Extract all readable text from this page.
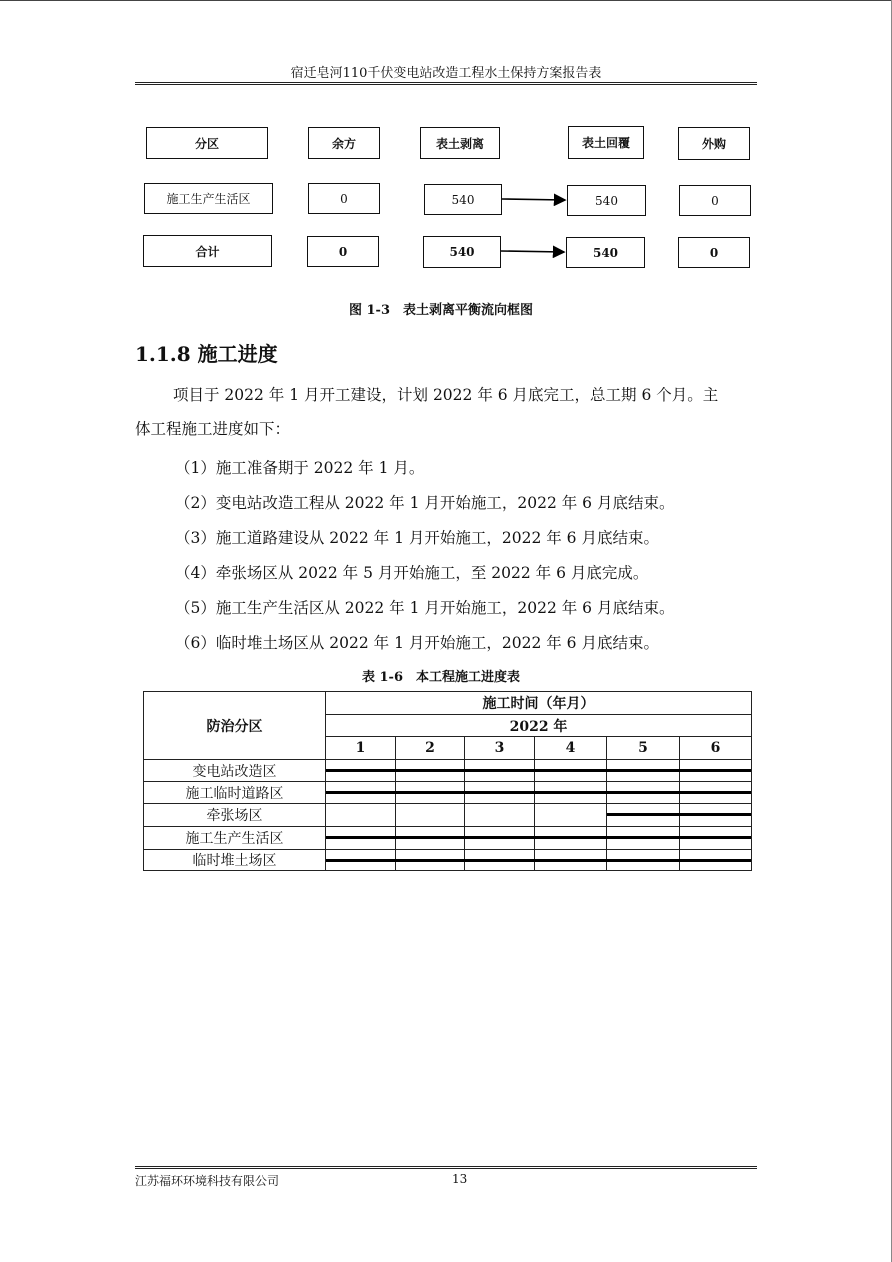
宿迁皂河110千伏变电站改造工程水土保持方案报告表
分区	余方	表土剥离	表土回覆	外购
施工生产生活区	0	540	540	0
合计	0	540	540	0
图 1-3　表土剥离平衡流向框图
1.1.8 施工进度
项目于 2022 年 1 月开工建设，计划 2022 年 6 月底完工，总工期 6 个月。主
体工程施工进度如下：
（1）施工准备期于 2022 年 1 月。
（2）变电站改造工程从 2022 年 1 月开始施工，2022 年 6 月底结束。
（3）施工道路建设从 2022 年 1 月开始施工，2022 年 6 月底结束。
（4）牵张场区从 2022 年 5 月开始施工，至 2022 年 6 月底完成。
（5）施工生产生活区从 2022 年 1 月开始施工，2022 年 6 月底结束。
（6）临时堆土场区从 2022 年 1 月开始施工，2022 年 6 月底结束。
表 1-6　本工程施工进度表
防治分区	施工时间（年月）					
	2022 年					
	1	2	3	4	5	6
变电站改造区	

施工临时道路区	

牵张场区					

施工生产生活区	

临时堆土场区	

江苏福环环境科技有限公司	13
